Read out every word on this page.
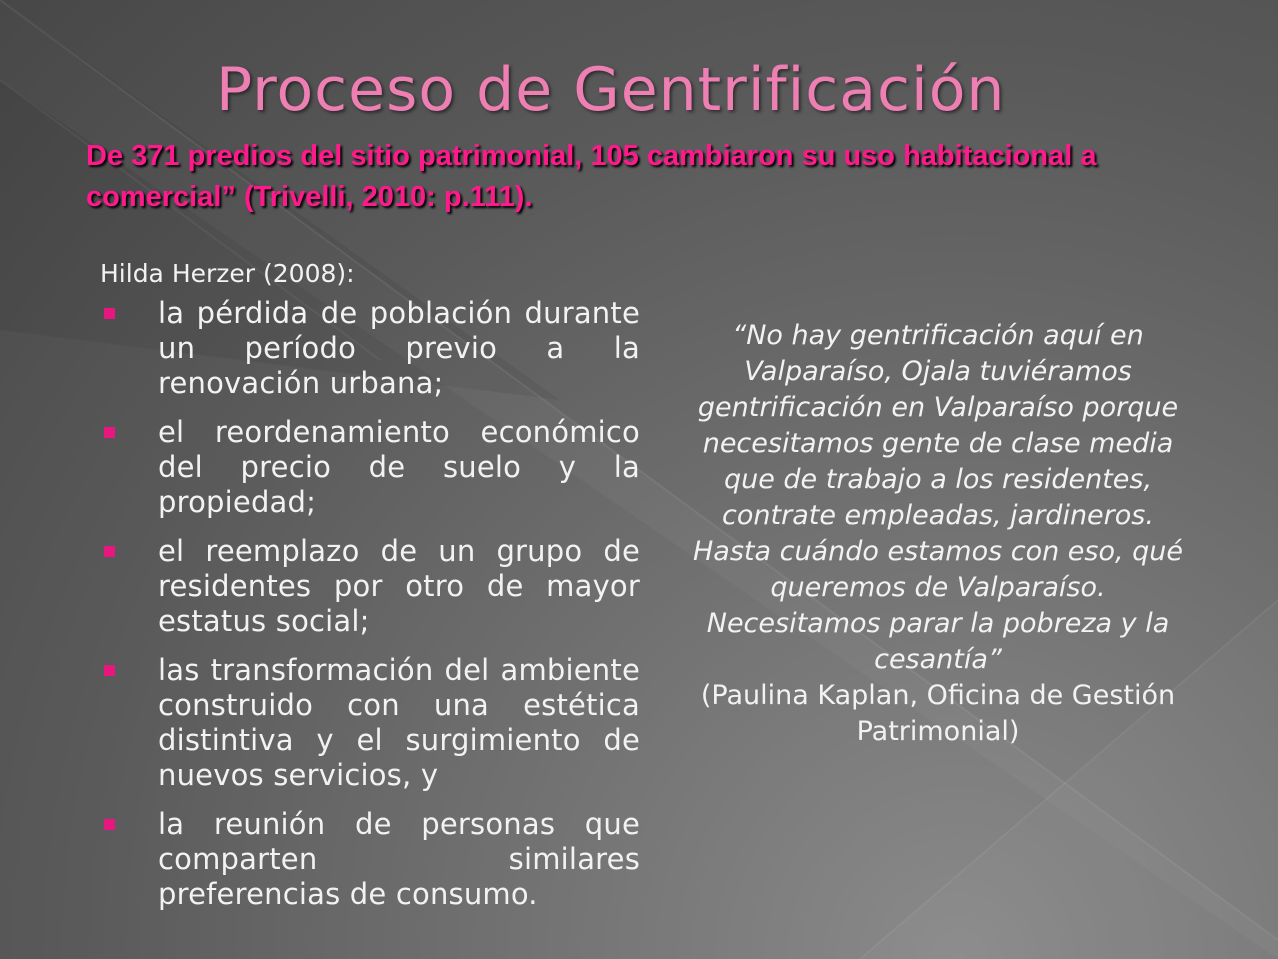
Proceso de Gentrificación

De 371 predios del sitio patrimonial, 105 cambiaron su uso habitacional a comercial” (Trivelli, 2010: p.111).

Hilda Herzer (2008):

la pérdida de población durante un período previo a la renovación urbana;
el reordenamiento económico del precio de suelo y la propiedad;
el reemplazo de un grupo de residentes por otro de mayor estatus social;
las transformación del ambiente construido con una estética distintiva y el surgimiento de nuevos servicios, y
la reunión de personas que comparten similares preferencias de consumo.

“No hay gentrificación aquí en Valparaíso, Ojala tuviéramos gentrificación en Valparaíso porque necesitamos gente de clase media que de trabajo a los residentes, contrate empleadas, jardineros. Hasta cuándo estamos con eso, qué queremos de Valparaíso. Necesitamos parar la pobreza y la cesantía”

(Paulina Kaplan, Oficina de Gestión Patrimonial)
